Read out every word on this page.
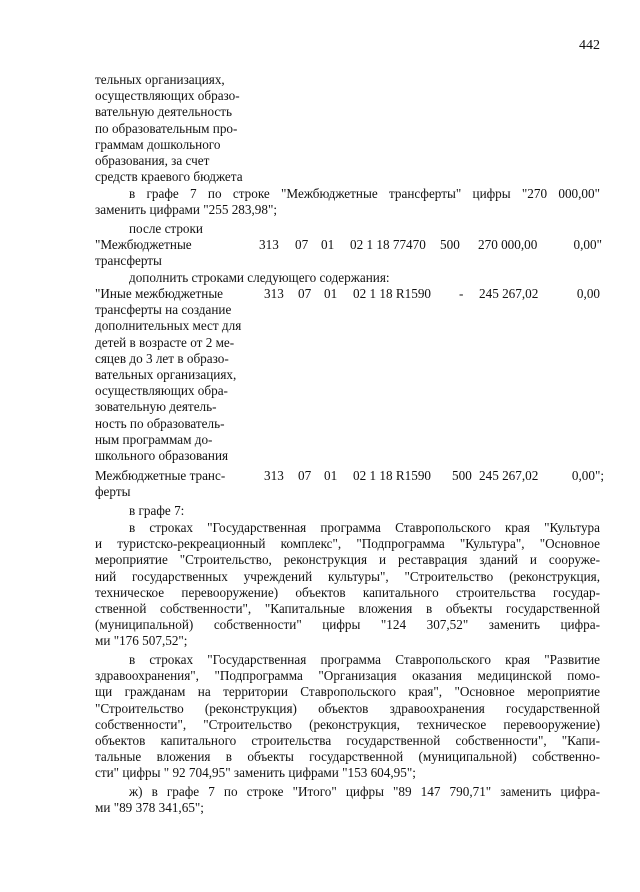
442
тельных организациях,
осуществляющих образо-
вательную деятельность
по образовательным про-
граммам дошкольного
образования, за счет
средств краевого бюджета
в графе 7 по строке "Межбюджетные трансферты" цифры "270 000,00"
заменить цифрами "255 283,98";
после строки
"Межбюджетные
трансферты
313 07 01 02 1 18 77470 500 270 000,00	0,00"
дополнить строками следующего содержания:
"Иные межбюджетные
трансферты на создание
дополнительных мест для
детей в возрасте от 2 ме-
сяцев до 3 лет в образо-
вательных организациях,
осуществляющих обра-
зовательную деятель-
ность по образователь-
ным программам до-
школьного образования
313 07 01 02 1 18 R1590 - 245 267,02	0,00
Межбюджетные транс-
ферты
313 07 01 02 1 18 R1590 500 245 267,02	0,00";
в графе 7:
в строках "Государственная программа Ставропольского края "Культура
и туристско-рекреационный комплекс", "Подпрограмма "Культура", "Основное
мероприятие "Строительство, реконструкция и реставрация зданий и сооруже-
ний государственных учреждений культуры", "Строительство (реконструкция,
техническое перевооружение) объектов капитального строительства государ-
ственной собственности", "Капитальные вложения в объекты государственной
(муниципальной) собственности" цифры "124 307,52" заменить цифра-
ми "176 507,52";
в строках "Государственная программа Ставропольского края "Развитие
здравоохранения", "Подпрограмма "Организация оказания медицинской помо-
щи гражданам на территории Ставропольского края", "Основное мероприятие
"Строительство (реконструкция) объектов здравоохранения государственной
собственности", "Строительство (реконструкция, техническое перевооружение)
объектов капитального строительства государственной собственности", "Капи-
тальные вложения в объекты государственной (муниципальной) собственно-
сти" цифры " 92 704,95" заменить цифрами "153 604,95";
ж) в графе 7 по строке "Итого" цифры "89 147 790,71" заменить цифра-
ми "89 378 341,65";
